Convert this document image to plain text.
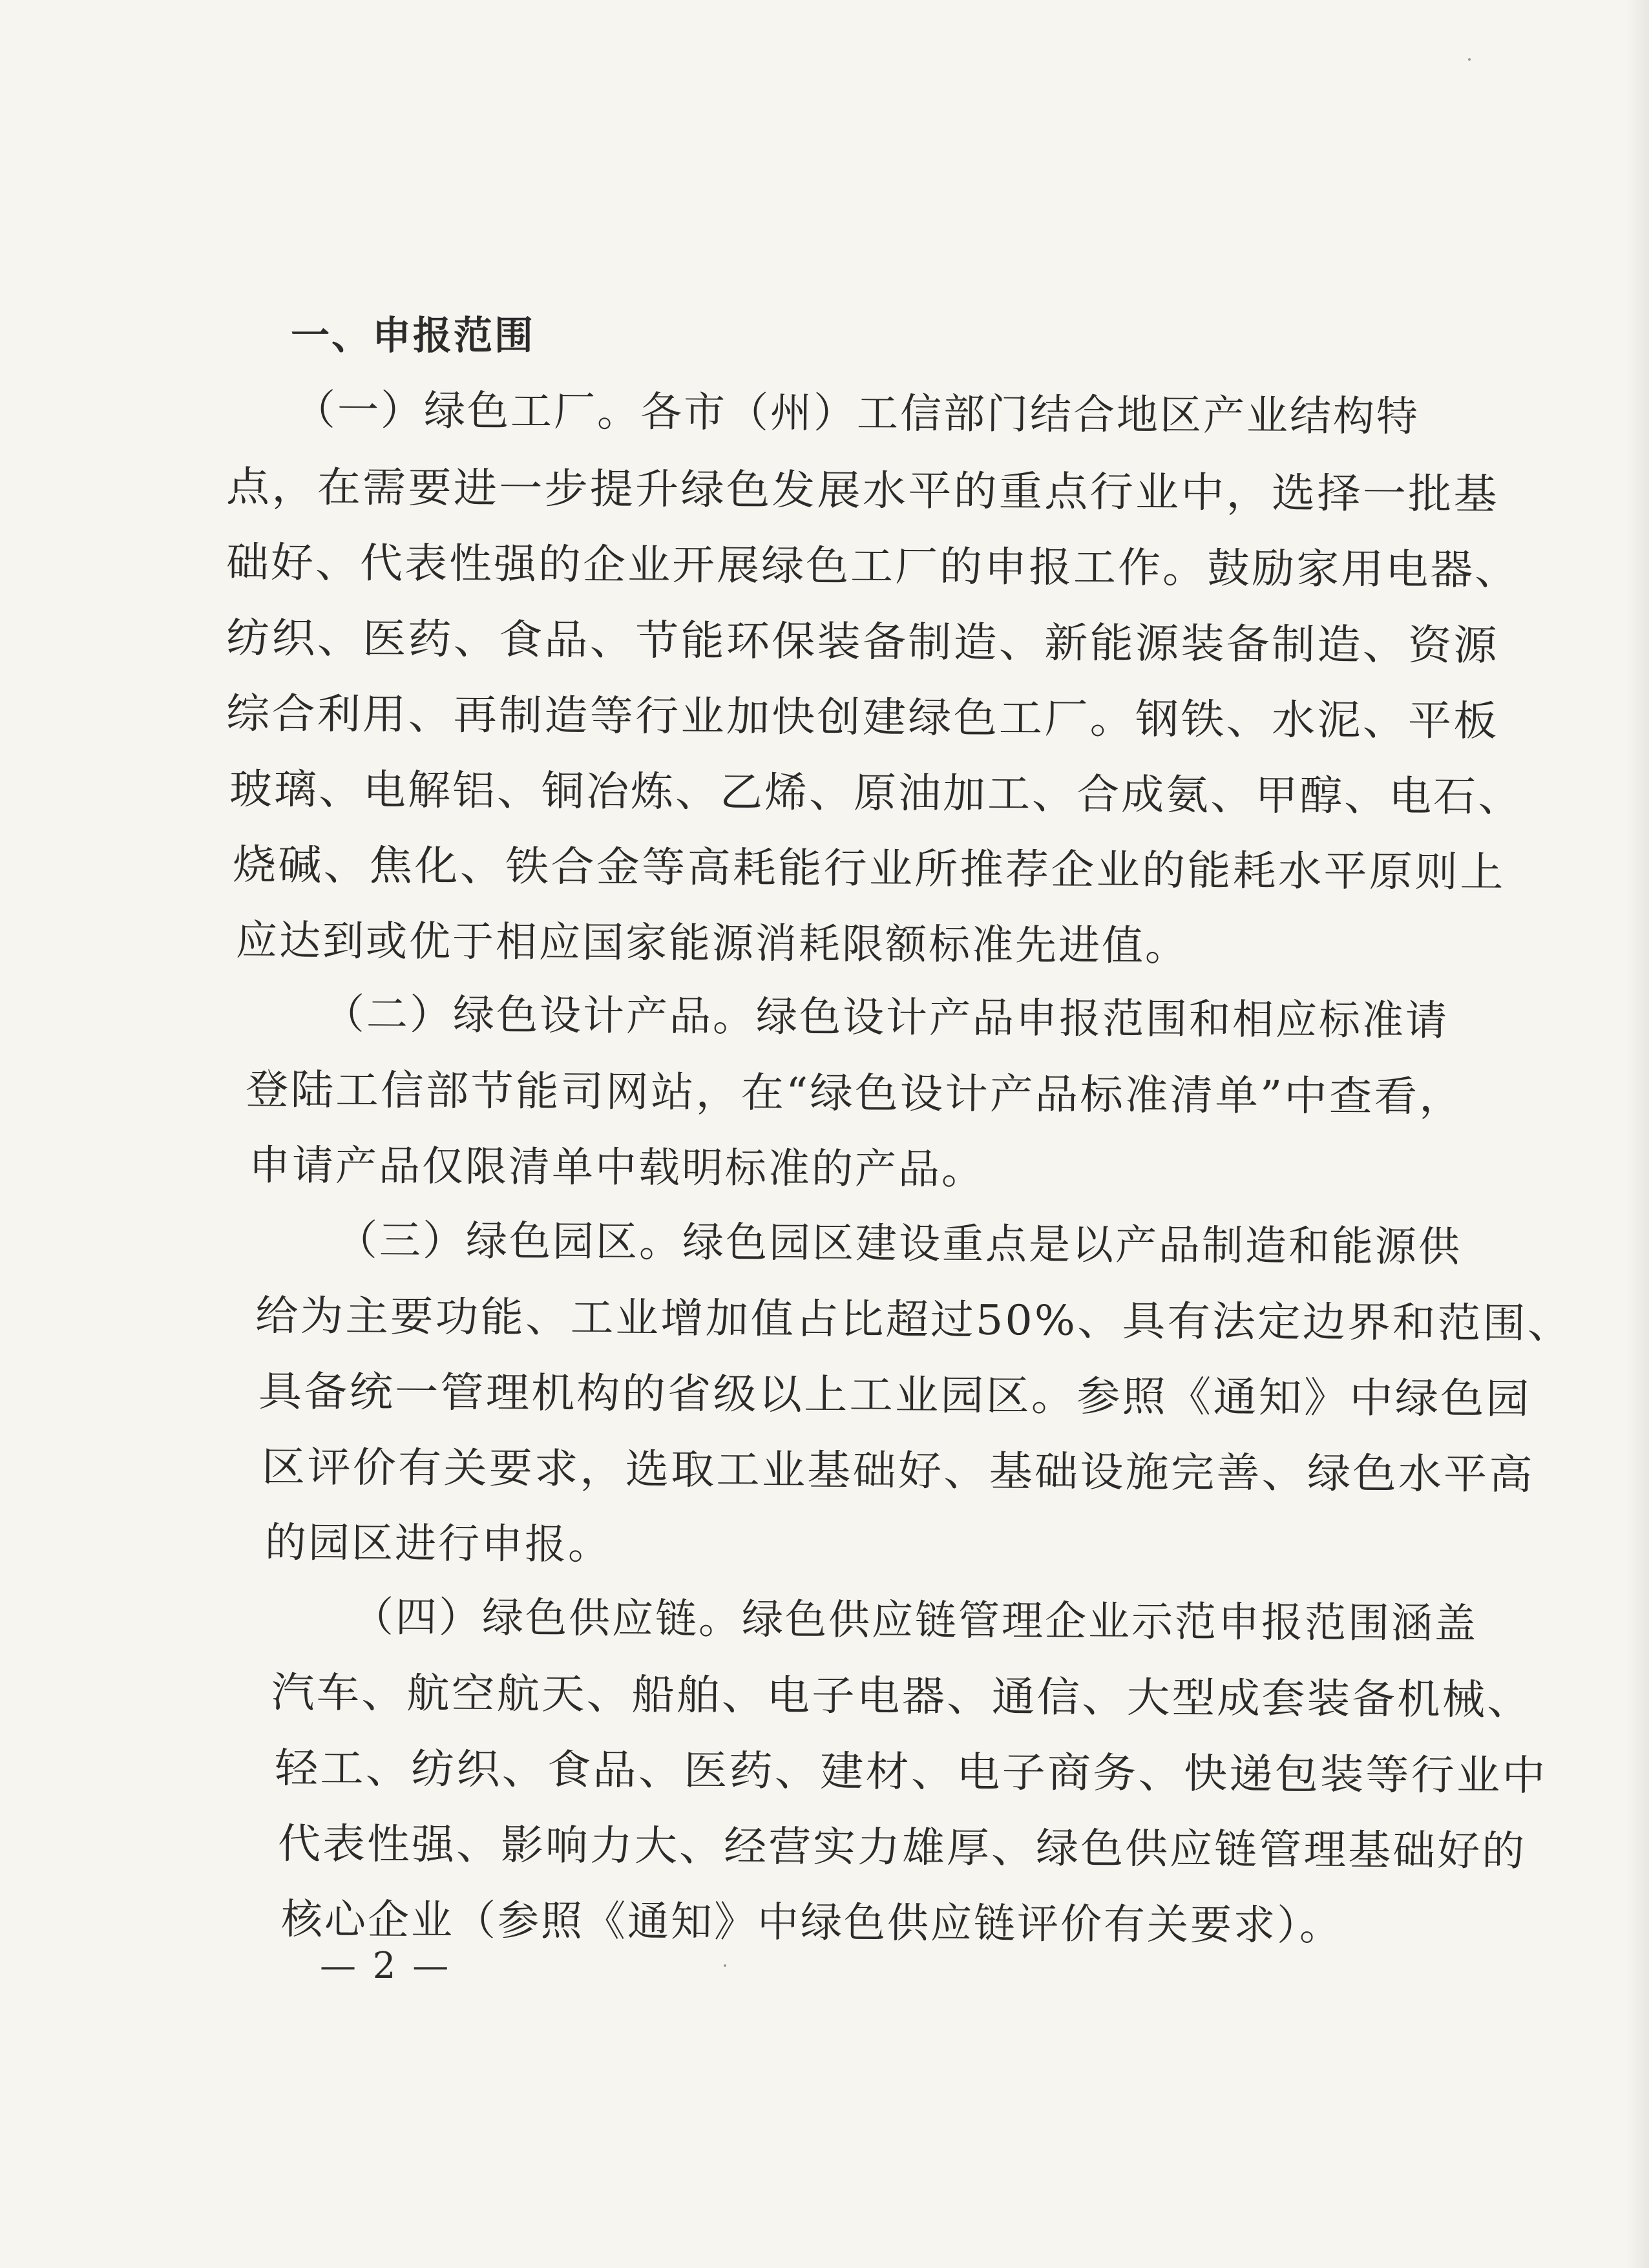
一、申报范围
（一）绿色工厂。各市（州）工信部门结合地区产业结构特
点，在需要进一步提升绿色发展水平的重点行业中，选择一批基
础好、代表性强的企业开展绿色工厂的申报工作。鼓励家用电器、
纺织、医药、食品、节能环保装备制造、新能源装备制造、资源
综合利用、再制造等行业加快创建绿色工厂。钢铁、水泥、平板
玻璃、电解铝、铜冶炼、乙烯、原油加工、合成氨、甲醇、电石、
烧碱、焦化、铁合金等高耗能行业所推荐企业的能耗水平原则上
应达到或优于相应国家能源消耗限额标准先进值。
（二）绿色设计产品。绿色设计产品申报范围和相应标准请
登陆工信部节能司网站，在“绿色设计产品标准清单”中查看，
申请产品仅限清单中载明标准的产品。
（三）绿色园区。绿色园区建设重点是以产品制造和能源供
给为主要功能、工业增加值占比超过50%、具有法定边界和范围、
具备统一管理机构的省级以上工业园区。参照《通知》中绿色园
区评价有关要求，选取工业基础好、基础设施完善、绿色水平高
的园区进行申报。
（四）绿色供应链。绿色供应链管理企业示范申报范围涵盖
汽车、航空航天、船舶、电子电器、通信、大型成套装备机械、
轻工、纺织、食品、医药、建材、电子商务、快递包装等行业中
代表性强、影响力大、经营实力雄厚、绿色供应链管理基础好的
核心企业（参照《通知》中绿色供应链评价有关要求）。
— 2 —
